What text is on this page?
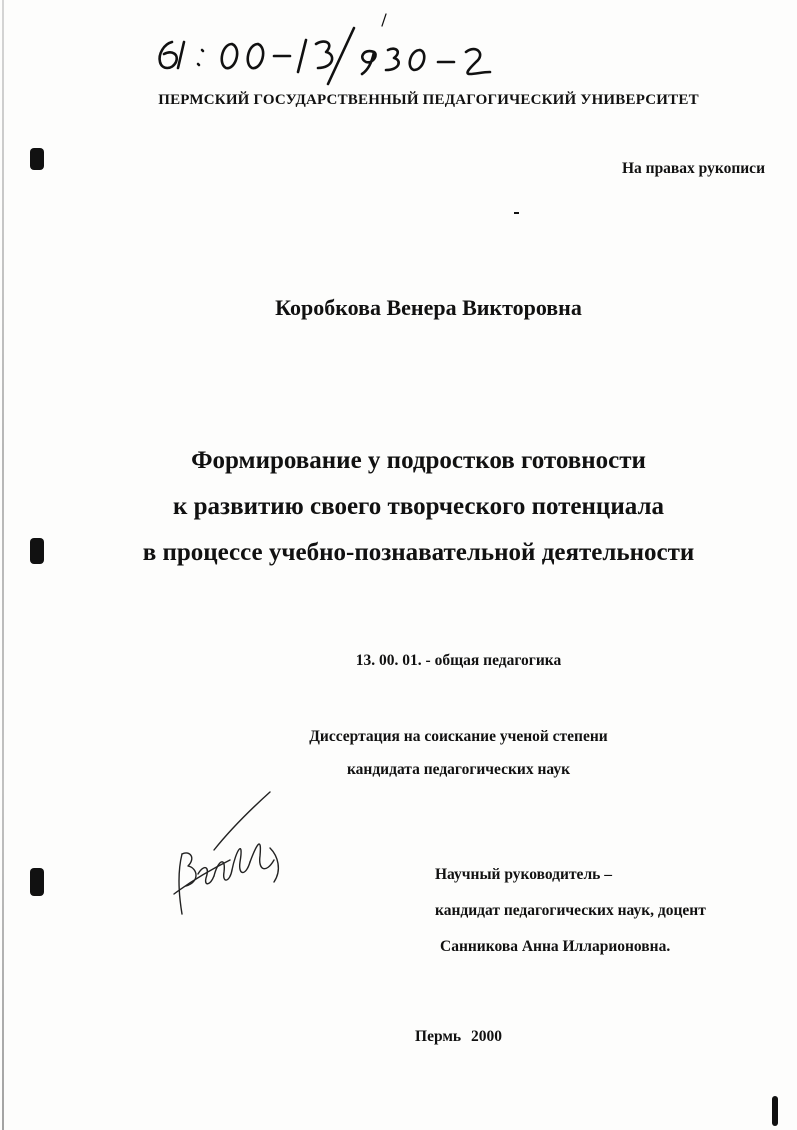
ПЕРМСКИЙ ГОСУДАРСТВЕННЫЙ ПЕДАГОГИЧЕСКИЙ УНИВЕРСИТЕТ
На правах рукописи
Коробкова Венера Викторовна
Формирование у подростков готовности
к развитию своего творческого потенциала
в процессе учебно-познавательной деятельности
13. 00. 01. - общая педагогика
Диссертация на соискание ученой степени
кандидата педагогических наук
Научный руководитель –
кандидат педагогических наук, доцент
Санникова Анна Илларионовна.
Пермь 2000
